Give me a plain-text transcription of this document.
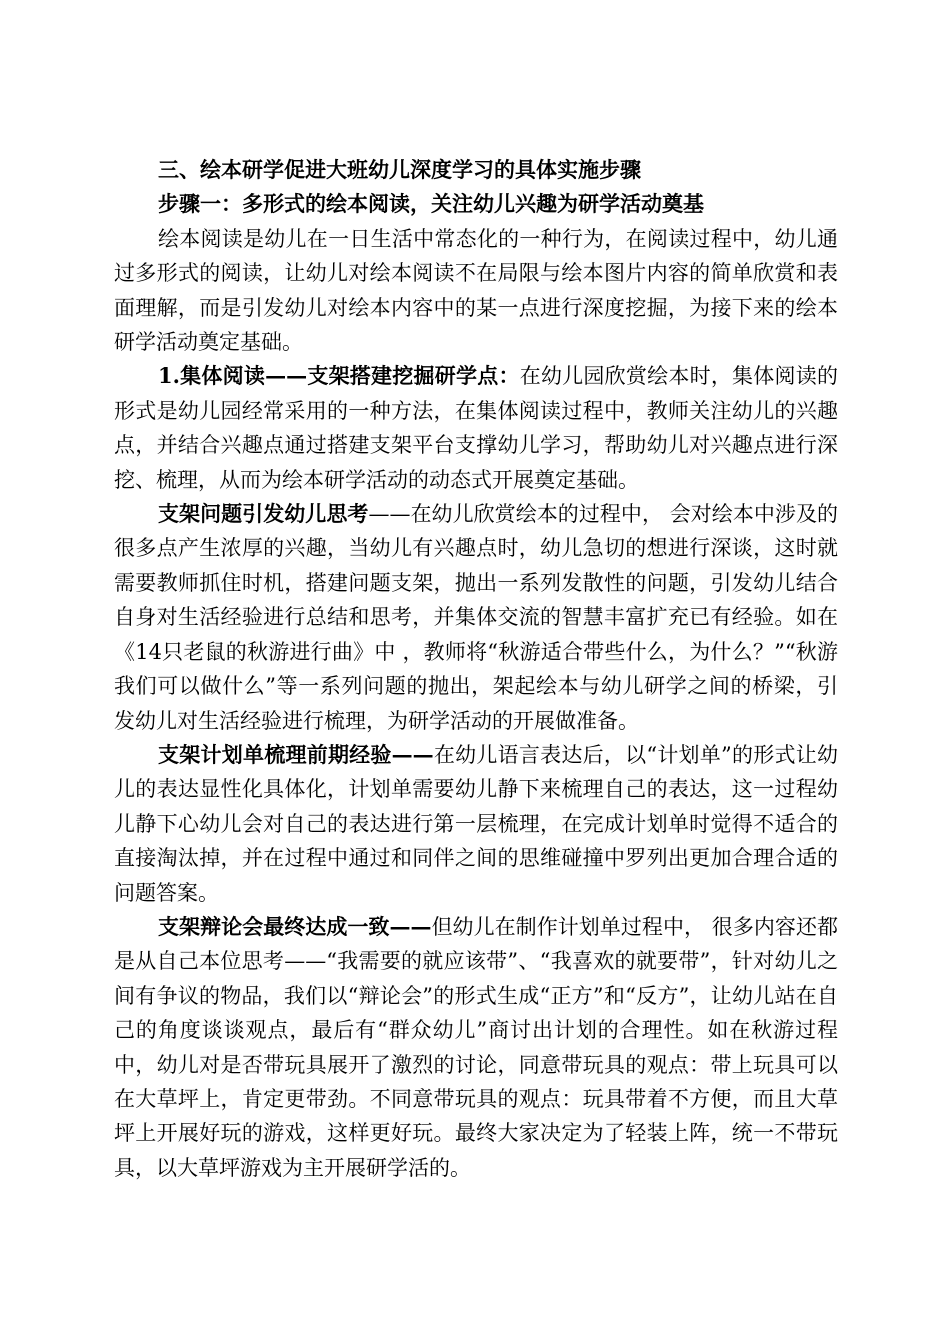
三、绘本研学促进大班幼儿深度学习的具体实施步骤

步骤一：多形式的绘本阅读，关注幼儿兴趣为研学活动奠基

绘本阅读是幼儿在一日生活中常态化的一种行为，在阅读过程中，幼儿通过多形式的阅读，让幼儿对绘本阅读不在局限与绘本图片内容的简单欣赏和表面理解，而是引发幼儿对绘本内容中的某一点进行深度挖掘，为接下来的绘本研学活动奠定基础。

1.集体阅读——支架搭建挖掘研学点：在幼儿园欣赏绘本时，集体阅读的形式是幼儿园经常采用的一种方法，在集体阅读过程中，教师关注幼儿的兴趣点，并结合兴趣点通过搭建支架平台支撑幼儿学习，帮助幼儿对兴趣点进行深挖、梳理，从而为绘本研学活动的动态式开展奠定基础。

支架问题引发幼儿思考——在幼儿欣赏绘本的过程中， 会对绘本中涉及的很多点产生浓厚的兴趣，当幼儿有兴趣点时，幼儿急切的想进行深谈，这时就需要教师抓住时机，搭建问题支架，抛出一系列发散性的问题，引发幼儿结合自身对生活经验进行总结和思考，并集体交流的智慧丰富扩充已有经验。如在《14只老鼠的秋游进行曲》中 ，教师将“秋游适合带些什么，为什么？”“秋游我们可以做什么”等一系列问题的抛出，架起绘本与幼儿研学之间的桥梁，引发幼儿对生活经验进行梳理，为研学活动的开展做准备。

支架计划单梳理前期经验——在幼儿语言表达后，以“计划单”的形式让幼儿的表达显性化具体化，计划单需要幼儿静下来梳理自己的表达，这一过程幼儿静下心幼儿会对自己的表达进行第一层梳理，在完成计划单时觉得不适合的直接淘汰掉，并在过程中通过和同伴之间的思维碰撞中罗列出更加合理合适的问题答案。

支架辩论会最终达成一致——但幼儿在制作计划单过程中， 很多内容还都是从自己本位思考——“我需要的就应该带”、“我喜欢的就要带”，针对幼儿之间有争议的物品，我们以“辩论会”的形式生成“正方”和“反方”，让幼儿站在自己的角度谈谈观点，最后有“群众幼儿”商讨出计划的合理性。如在秋游过程中，幼儿对是否带玩具展开了激烈的讨论，同意带玩具的观点：带上玩具可以在大草坪上，肯定更带劲。不同意带玩具的观点：玩具带着不方便，而且大草坪上开展好玩的游戏，这样更好玩。最终大家决定为了轻装上阵，统一不带玩具，以大草坪游戏为主开展研学活的。
